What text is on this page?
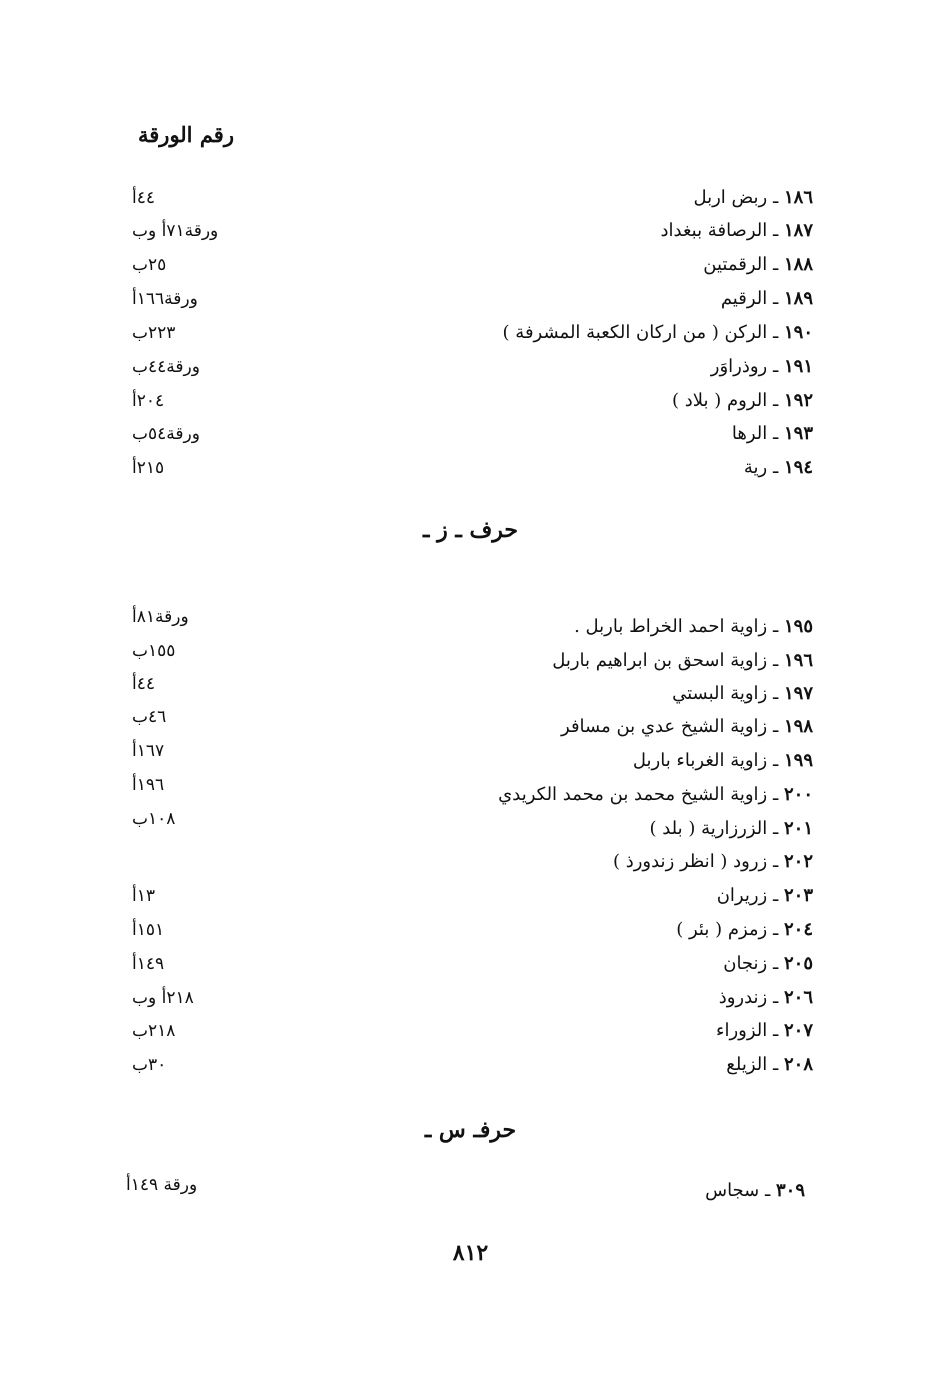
رقم الورقة
١٨٦ ـ ربض اربل
٤٤أ
١٨٧ ـ الرصافة ببغداد
ورقة٧١أ وب
١٨٨ ـ الرقمتين
٢٥ب
١٨٩ ـ الرقيم
ورقة١٦٦أ
١٩٠ ـ الركن ( من اركان الكعبة المشرفة )
٢٢٣ب
١٩١ ـ روذراوَر
ورقة٤٤ب
١٩٢ ـ الروم ( بلاد )
٢٠٤أ
١٩٣ ـ الرها
ورقة٥٤ب
١٩٤ ـ رية
٢١٥أ
حرف ـ ز ـ
١٩٥ ـ زاوية احمد الخراط باربل .
ورقة٨١أ
١٩٦ ـ زاوية اسحق بن ابراهيم باربل
١٥٥ب
١٩٧ ـ زاوية البستي
٤٤أ
١٩٨ ـ زاوية الشيخ عدي بن مسافر
٤٦ب
١٩٩ ـ زاوية الغرباء باربل
١٦٧أ
٢٠٠ ـ زاوية الشيخ محمد بن محمد الكريدي
١٩٦أ
٢٠١ ـ الزرزارية ( بلد )
١٠٨ب
٢٠٢ ـ زرود ( انظر زندورذ )
٢٠٣ ـ زريران
١٣أ
٢٠٤ ـ زمزم ( بئر )
١٥١أ
٢٠٥ ـ زنجان
١٤٩أ
٢٠٦ ـ زندروذ
٢١٨أ وب
٢٠٧ ـ الزوراء
٢١٨ب
٢٠٨ ـ الزيلع
٣٠ب
حرفـ س ـ
٣٠٩ ـ سجاس
ورقة ١٤٩أ
٨١٢
